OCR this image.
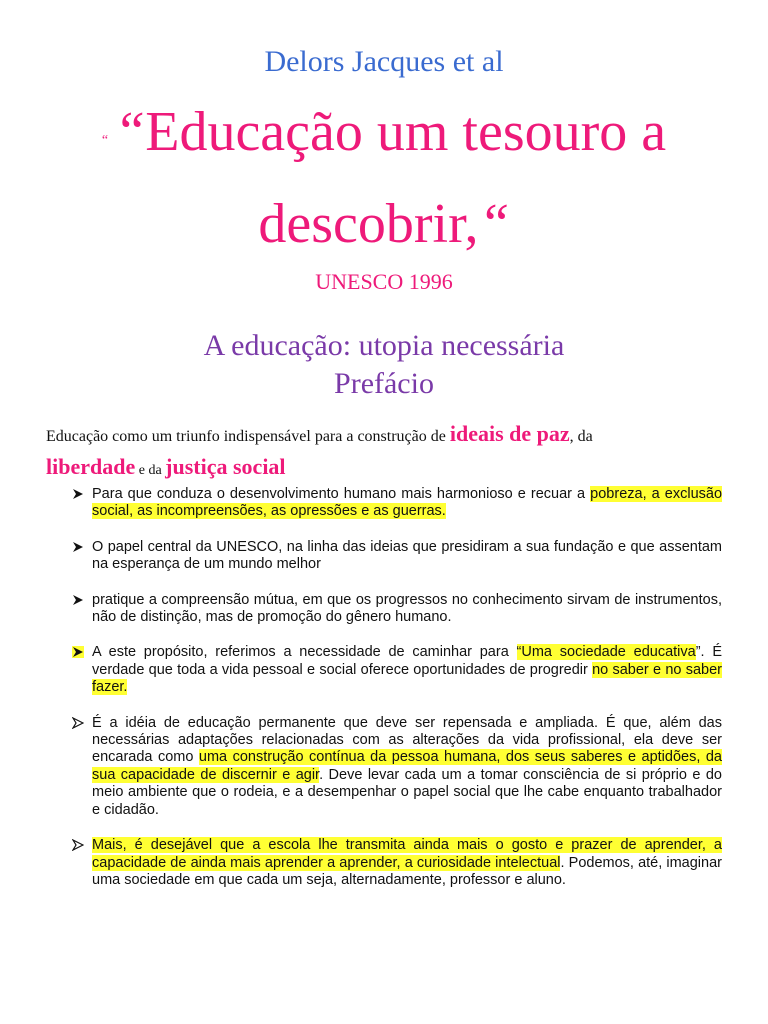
Delors Jacques et al
“ “Educação um tesouro a
descobrir,“
UNESCO 1996
A educação: utopia necessária
Prefácio
Educação como um triunfo indispensável para a construção de ideais de paz, da
liberdade e da justiça social
Para que conduza o desenvolvimento humano mais harmonioso e recuar a pobreza, a exclusão social, as incompreensões, as opressões e as guerras.
O papel central da UNESCO, na linha das ideias que presidiram a sua fundação e que assentam na esperança de um mundo melhor
pratique a compreensão mútua, em que os progressos no conhecimento sirvam de instrumentos, não de distinção, mas de promoção do gênero humano.
A este propósito, referimos a necessidade de caminhar para “Uma sociedade educativa”. É verdade que toda a vida pessoal e social oferece oportunidades de progredir no saber e no saber fazer.
É a idéia de educação permanente que deve ser repensada e ampliada. É que, além das necessárias adaptações relacionadas com as alterações da vida profissional, ela deve ser encarada como uma construção contínua da pessoa humana, dos seus saberes e aptidões, da sua capacidade de discernir e agir. Deve levar cada um a tomar consciência de si próprio e do meio ambiente que o rodeia, e a desempenhar o papel social que lhe cabe enquanto trabalhador e cidadão.
Mais, é desejável que a escola lhe transmita ainda mais o gosto e prazer de aprender, a capacidade de ainda mais aprender a aprender, a curiosidade intelectual. Podemos, até, imaginar uma sociedade em que cada um seja, alternadamente, professor e aluno.
